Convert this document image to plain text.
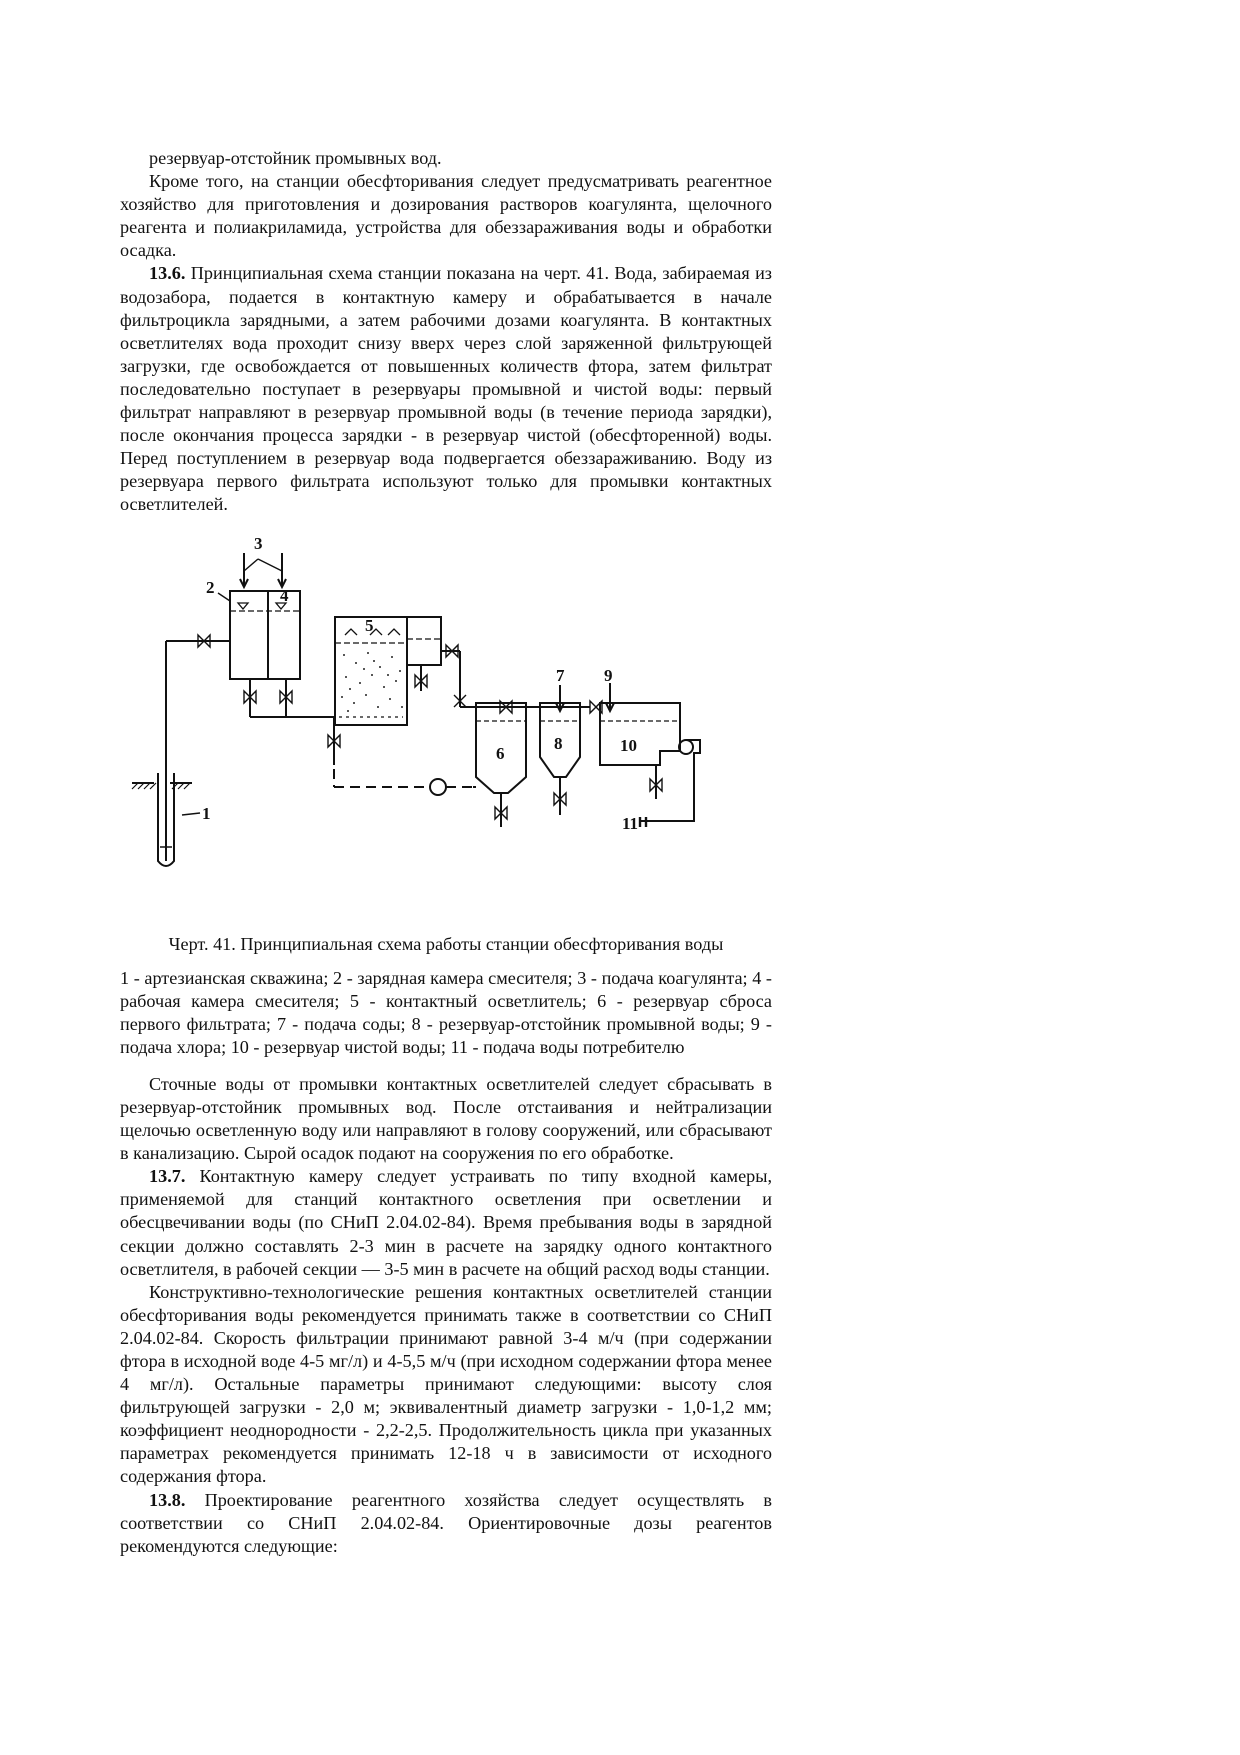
резервуар-отстойник промывных вод.

Кроме того, на станции обесфторивания следует предусматривать реагентное хозяйство для приготовления и дозирования растворов коагулянта, щелочного реагента и полиакриламида, устройства для обеззараживания воды и обработки осадка.

13.6. Принципиальная схема станции показана на черт. 41. Вода, забираемая из водозабора, подается в контактную камеру и обрабатывается в начале фильтроцикла зарядными, а затем рабочими дозами коагулянта. В контактных осветлителях вода проходит снизу вверх через слой заряженной фильтрующей загрузки, где освобождается от повышенных количеств фтора, затем фильтрат последовательно поступает в резервуары промывной и чистой воды: первый фильтрат направляют в резервуар промывной воды (в течение периода зарядки), после окончания процесса зарядки - в резервуар чистой (обесфторенной) воды. Перед поступлением в резервуар вода подвергается обеззараживанию. Воду из резервуара первого фильтрата используют только для промывки контактных осветлителей.

3
2	4
5
6
7
8
9
10
1
11

Черт. 41. Принципиальная схема работы станции обесфторивания воды

1 - артезианская скважина; 2 - зарядная камера смесителя; 3 - подача коагулянта; 4 - рабочая камера смесителя; 5 - контактный осветлитель; 6 - резервуар сброса первого фильтрата; 7 - подача соды; 8 - резервуар-отстойник промывной воды; 9 - подача хлора; 10 - резервуар чистой воды; 11 - подача воды потребителю

Сточные воды от промывки контактных осветлителей следует сбрасывать в резервуар-отстойник промывных вод. После отстаивания и нейтрализации щелочью осветленную воду или направляют в голову сооружений, или сбрасывают в канализацию. Сырой осадок подают на сооружения по его обработке.

13.7. Контактную камеру следует устраивать по типу входной камеры, применяемой для станций контактного осветления при осветлении и обесцвечивании воды (по СНиП 2.04.02-84). Время пребывания воды в зарядной секции должно составлять 2-3 мин в расчете на зарядку одного контактного осветлителя, в рабочей секции — 3-5 мин в расчете на общий расход воды станции.

Конструктивно-технологические решения контактных осветлителей станции обесфторивания воды рекомендуется принимать также в соответствии со СНиП 2.04.02-84. Скорость фильтрации принимают равной 3-4 м/ч (при содержании фтора в исходной воде 4-5 мг/л) и 4-5,5 м/ч (при исходном содержании фтора менее 4 мг/л). Остальные параметры принимают следующими: высоту слоя фильтрующей загрузки - 2,0 м; эквивалентный диаметр загрузки - 1,0-1,2 мм; коэффициент неоднородности - 2,2-2,5. Продолжительность цикла при указанных параметрах рекомендуется принимать 12-18 ч в зависимости от исходного содержания фтора.

13.8. Проектирование реагентного хозяйства следует осуществлять в соответствии со СНиП 2.04.02-84. Ориентировочные дозы реагентов рекомендуются следующие:
